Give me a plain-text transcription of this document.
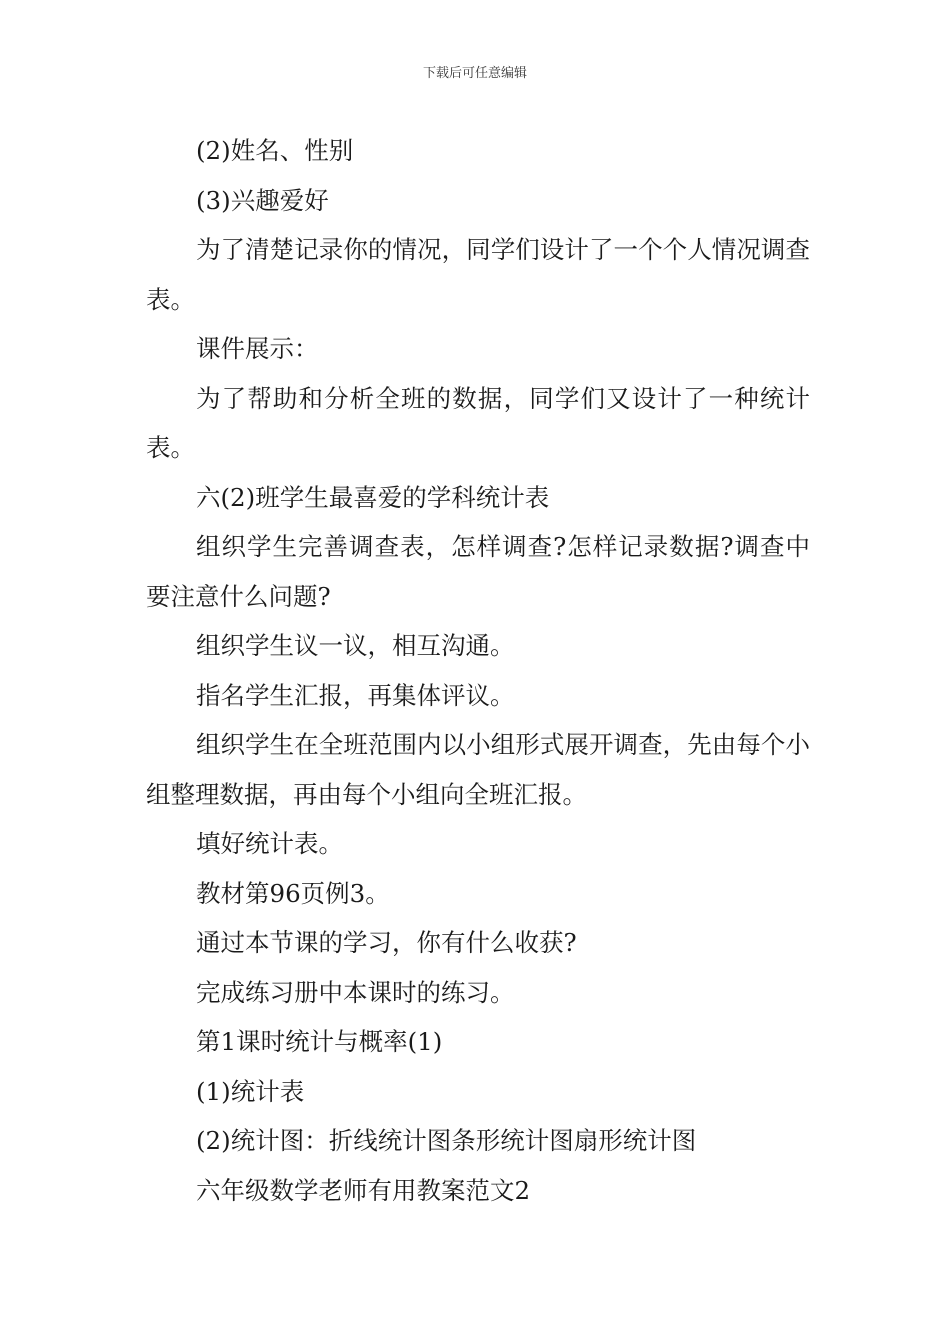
下载后可任意编辑

(2)姓名、性别

(3)兴趣爱好

为了清楚记录你的情况，同学们设计了一个个人情况调查表。

课件展示：

为了帮助和分析全班的数据，同学们又设计了一种统计表。

六(2)班学生最喜爱的学科统计表

组织学生完善调查表，怎样调查?怎样记录数据?调查中要注意什么问题?

组织学生议一议，相互沟通。

指名学生汇报，再集体评议。

组织学生在全班范围内以小组形式展开调查，先由每个小组整理数据，再由每个小组向全班汇报。

填好统计表。

教材第96页例3。

通过本节课的学习，你有什么收获?

完成练习册中本课时的练习。

第1课时统计与概率(1)

(1)统计表

(2)统计图：折线统计图条形统计图扇形统计图

六年级数学老师有用教案范文2
